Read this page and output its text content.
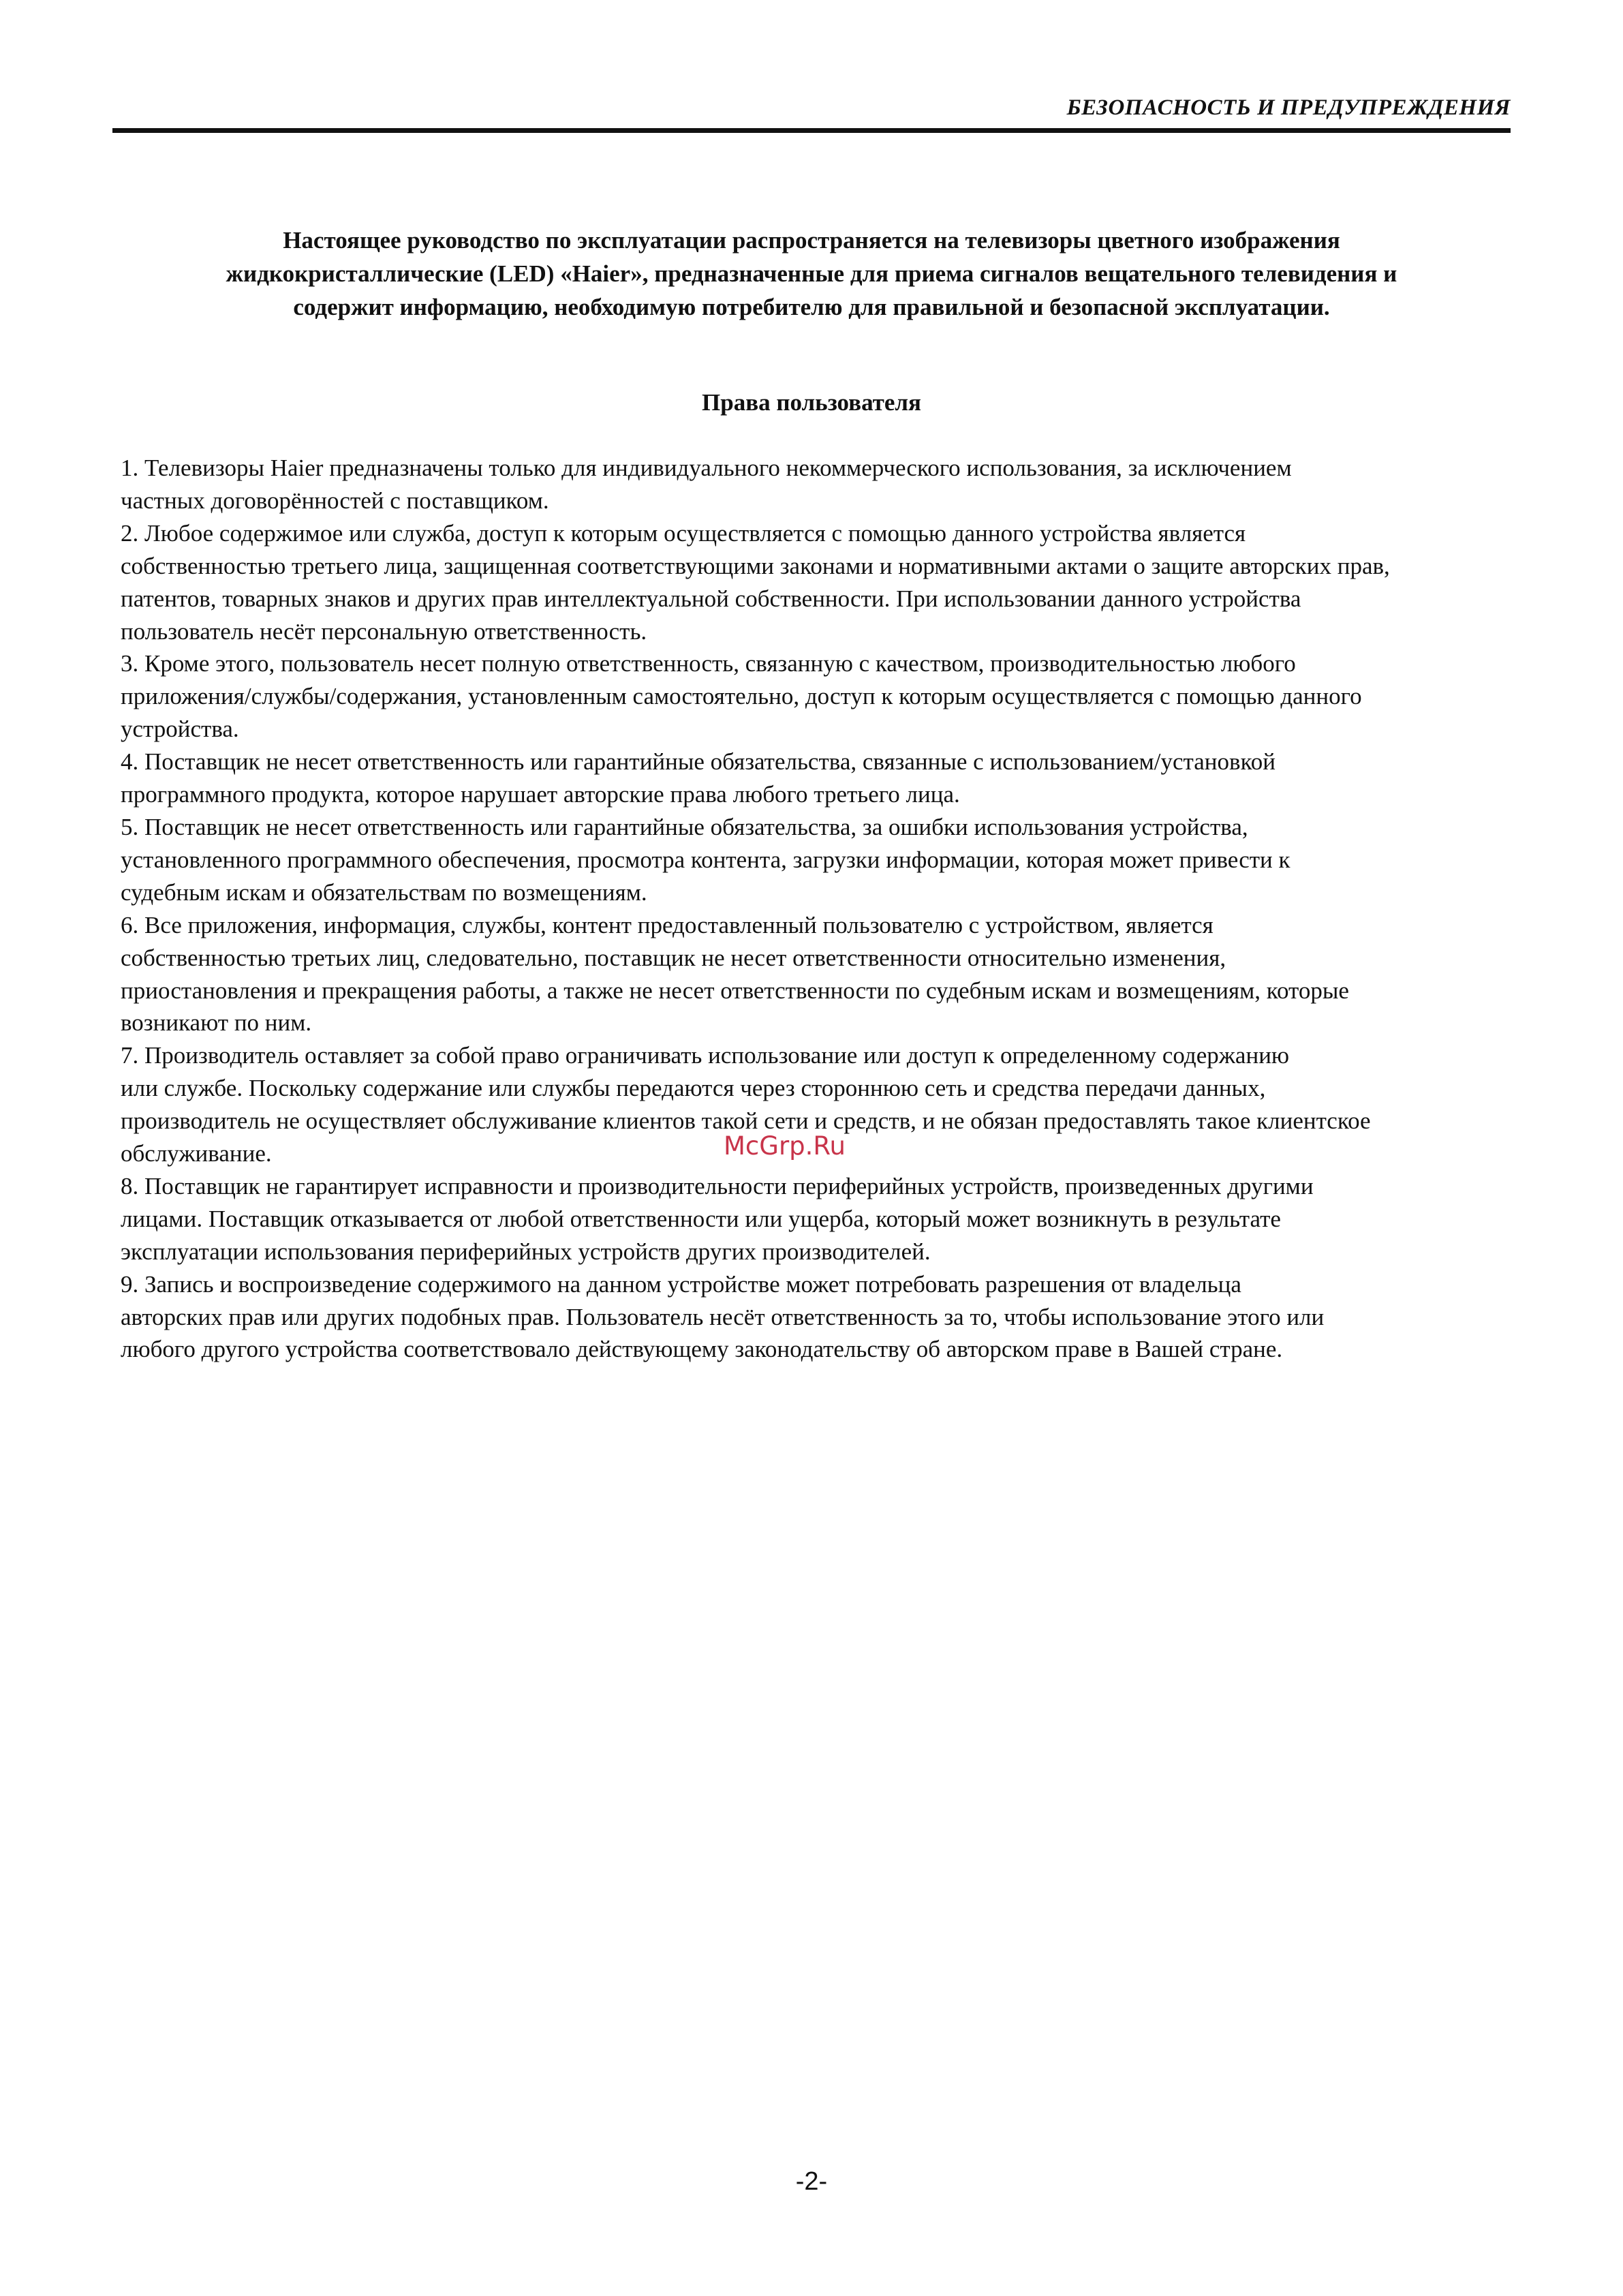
БЕЗОПАСНОСТЬ И ПРЕДУПРЕЖДЕНИЯ
Настоящее руководство по эксплуатации распространяется на телевизоры цветного изображения
жидкокристаллические (LED) «Haier», предназначенные для приема сигналов вещательного телевидения и
содержит информацию, необходимую потребителю для правильной и безопасной эксплуатации.
Права пользователя
1. Телевизоры Haier предназначены только для индивидуального некоммерческого использования, за исключением
частных договорённостей с поставщиком.
2. Любое содержимое или служба, доступ к которым осуществляется с помощью данного устройства является
собственностью третьего лица, защищенная соответствующими законами и нормативными актами о защите авторских прав,
патентов, товарных знаков и других прав интеллектуальной собственности. При использовании данного устройства
пользователь несёт персональную ответственность.
3. Кроме этого, пользователь несет полную ответственность, связанную с качеством, производительностью любого
приложения/службы/содержания, установленным самостоятельно, доступ к которым осуществляется с помощью данного
устройства.
4. Поставщик не несет ответственность или гарантийные обязательства, связанные с использованием/установкой
программного продукта, которое нарушает авторские права любого третьего лица.
5. Поставщик не несет ответственность или гарантийные обязательства, за ошибки использования устройства,
установленного программного обеспечения, просмотра контента, загрузки информации, которая может привести к
судебным искам и обязательствам по возмещениям.
6. Все приложения, информация, службы, контент предоставленный пользователю с устройством, является
собственностью третьих лиц, следовательно, поставщик не несет ответственности относительно изменения,
приостановления и прекращения работы, а также не несет ответственности по судебным искам и возмещениям, которые
возникают по ним.
7. Производитель оставляет за собой право ограничивать использование или доступ к определенному содержанию
или службе. Поскольку содержание или службы передаются через стороннюю сеть и средства передачи данных,
производитель не осуществляет обслуживание клиентов такой сети и средств, и не обязан предоставлять такое клиентское
обслуживание.
8. Поставщик не гарантирует исправности и производительности периферийных устройств, произведенных другими
лицами. Поставщик отказывается от любой ответственности или ущерба, который может возникнуть в результате
эксплуатации использования периферийных устройств других производителей.
9. Запись и воспроизведение содержимого на данном устройстве может потребовать разрешения от владельца
авторских прав или других подобных прав. Пользователь несёт ответственность за то, чтобы использование этого или
любого другого устройства соответствовало действующему законодательству об авторском праве в Вашей стране.
McGrp.Ru
-2-
